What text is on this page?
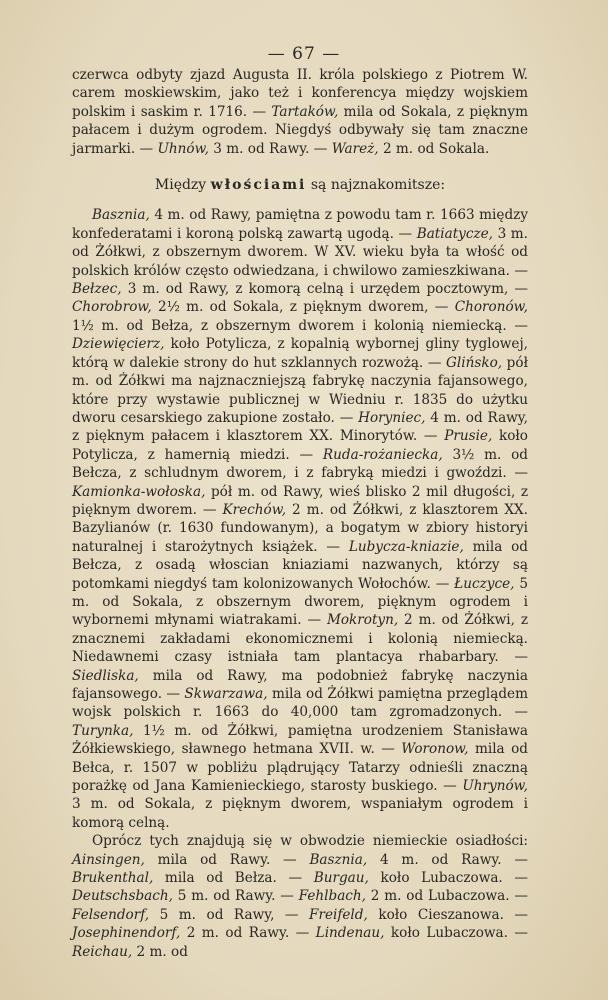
— 67 —

czerwca odbyty zjazd Augusta II. króla polskiego z Piotrem W. carem moskiewskim, jako też i konferencya między wojskiem polskim i saskim r. 1716. — Tartaków, mila od Sokala, z pięknym pałacem i dużym ogrodem. Niegdyś odbywały się tam znaczne jarmarki. — Uhnów, 3 m. od Rawy. — Wareż, 2 m. od Sokala.

Między włościami są najznakomitsze:

Basznia, 4 m. od Rawy, pamiętna z powodu tam r. 1663 między konfederatami i koroną polską zawartą ugodą. — Batiatycze, 3 m. od Żółkwi, z obszernym dworem. W XV. wieku była ta włość od polskich królów często odwiedzana, i chwilowo zamieszkiwana. — Bełzec, 3 m. od Rawy, z komorą celną i urzędem pocztowym, — Chorobrow, 2½ m. od Sokala, z pięknym dworem, — Choronów, 1½ m. od Bełza, z obszernym dworem i kolonią niemiecką. — Dziewięcierz, koło Potylicza, z kopalnią wybornej gliny tyglowej, którą w dalekie strony do hut szklannych rozwożą. — Glińsko, pół m. od Żółkwi ma najznaczniejszą fabrykę naczynia fajansowego, które przy wystawie publicznej w Wiedniu r. 1835 do użytku dworu cesarskiego zakupione zostało. — Horyniec, 4 m. od Rawy, z pięknym pałacem i klasztorem XX. Minorytów. — Prusie, koło Potylicza, z hamernią miedzi. — Ruda-rożaniecka, 3½ m. od Bełcza, z schludnym dworem, i z fabryką miedzi i gwoździ. — Kamionka-wołoska, pół m. od Rawy, wieś blisko 2 mil długości, z pięknym dworem. — Krechów, 2 m. od Żółkwi, z klasztorem XX. Bazylianów (r. 1630 fundowanym), a bogatym w zbiory historyi naturalnej i starożytnych książek. — Lubycza-kniazie, mila od Bełcza, z osadą włoscian kniaziami nazwanych, którzy są potomkami niegdyś tam kolonizowanych Wołochów. — Łuczyce, 5 m. od Sokala, z obszernym dworem, pięknym ogrodem i wybornemi młynami wiatrakami. — Mokrotyn, 2 m. od Żółkwi, z znacznemi zakładami ekonomicznemi i kolonią niemiecką. Niedawnemi czasy istniała tam plantacya rhabarbary. — Siedliska, mila od Rawy, ma podobnież fabrykę naczynia fajansowego. — Skwarzawa, mila od Żółkwi pamiętna przeglądem wojsk polskich r. 1663 do 40,000 tam zgromadzonych. — Turynka, 1½ m. od Żółkwi, pamiętna urodzeniem Stanisława Żółkiewskiego, sławnego hetmana XVII. w. — Woronow, mila od Bełca, r. 1507 w pobliżu plądrujący Tatarzy odnieśli znaczną porażkę od Jana Kamienieckiego, starosty buskiego. — Uhrynów, 3 m. od Sokala, z pięknym dworem, wspaniałym ogrodem i komorą celną.

Oprócz tych znajdują się w obwodzie niemieckie osiadłości: Ainsingen, mila od Rawy. — Basznia, 4 m. od Rawy. — Brukenthal, mila od Bełza. — Burgau, koło Lubaczowa. — Deutschsbach, 5 m. od Rawy. — Fehlbach, 2 m. od Lubaczowa. — Felsendorf, 5 m. od Rawy, — Freifeld, koło Cieszanowa. — Josephinendorf, 2 m. od Rawy. — Lindenau, koło Lubaczowa. — Reichau, 2 m. od
